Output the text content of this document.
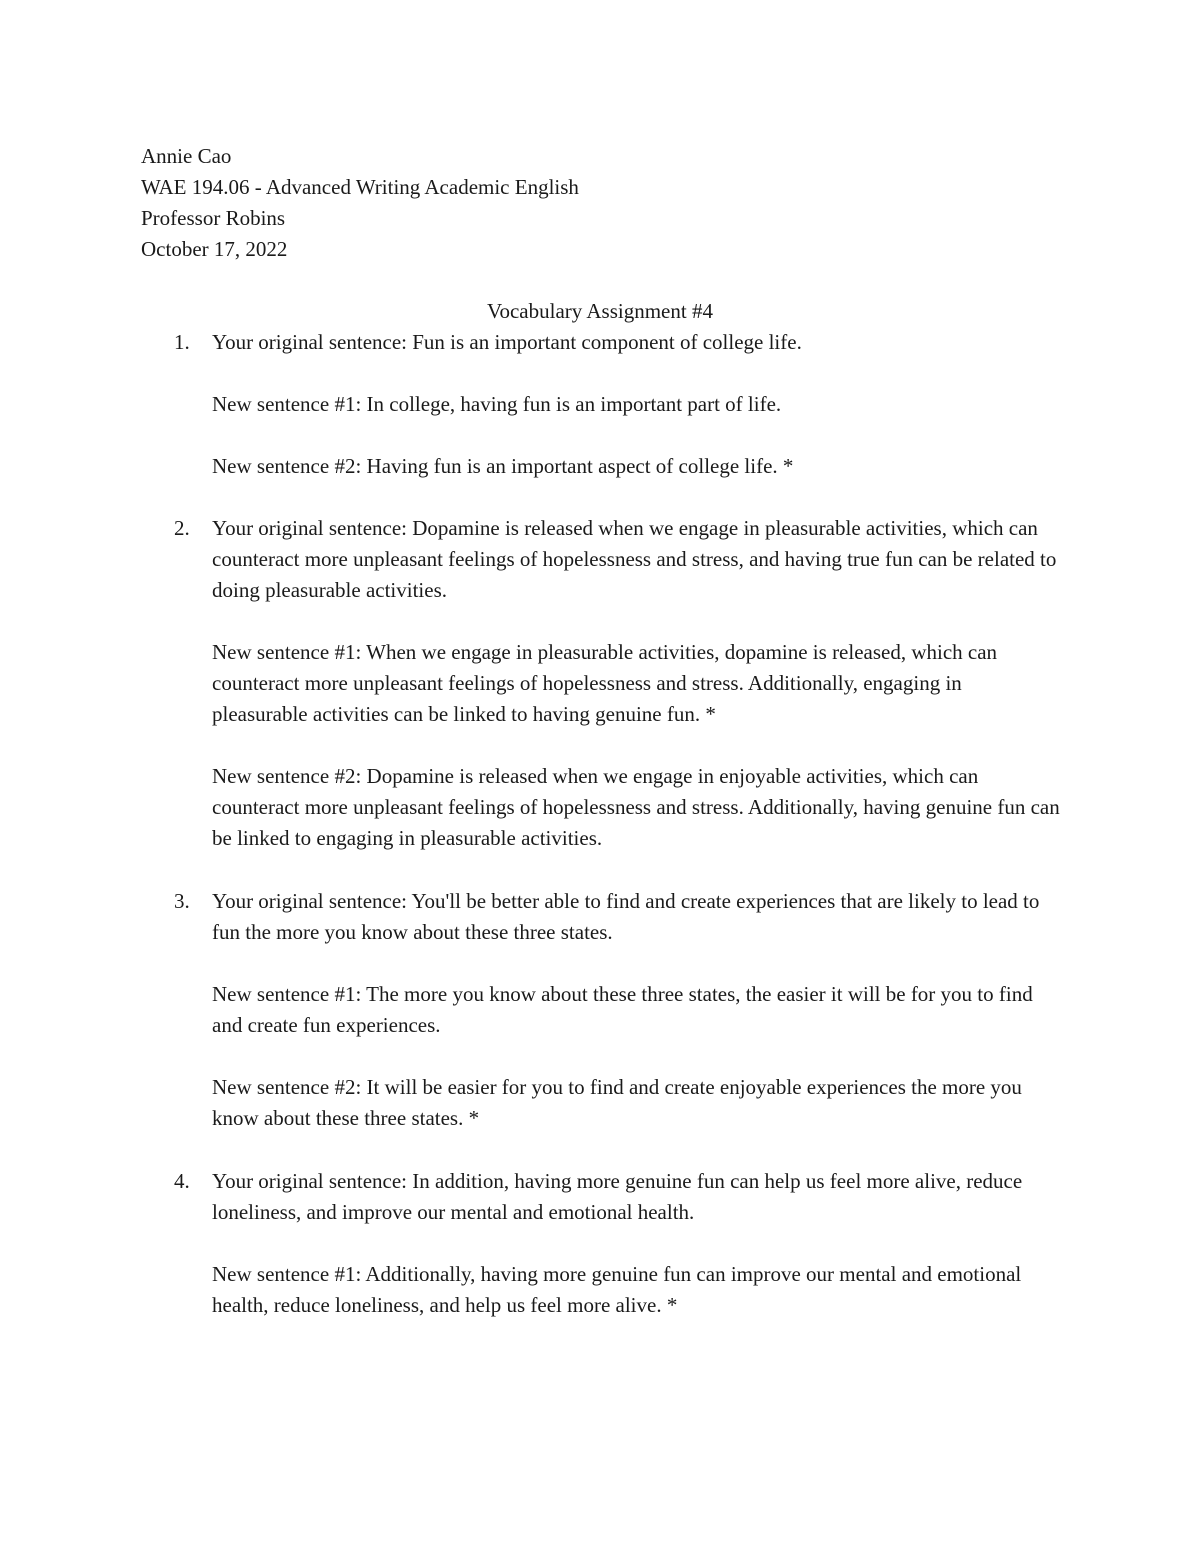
Annie Cao
WAE 194.06 - Advanced Writing Academic English
Professor Robins
October 17, 2022
Vocabulary Assignment #4
1. Your original sentence: Fun is an important component of college life.

New sentence #1: In college, having fun is an important part of life.

New sentence #2: Having fun is an important aspect of college life. *

2. Your original sentence: Dopamine is released when we engage in pleasurable activities, which can counteract more unpleasant feelings of hopelessness and stress, and having true fun can be related to doing pleasurable activities.

New sentence #1: When we engage in pleasurable activities, dopamine is released, which can counteract more unpleasant feelings of hopelessness and stress. Additionally, engaging in pleasurable activities can be linked to having genuine fun. *

New sentence #2: Dopamine is released when we engage in enjoyable activities, which can counteract more unpleasant feelings of hopelessness and stress. Additionally, having genuine fun can be linked to engaging in pleasurable activities.

3. Your original sentence: You'll be better able to find and create experiences that are likely to lead to fun the more you know about these three states.

New sentence #1: The more you know about these three states, the easier it will be for you to find and create fun experiences.

New sentence #2: It will be easier for you to find and create enjoyable experiences the more you know about these three states. *

4. Your original sentence: In addition, having more genuine fun can help us feel more alive, reduce loneliness, and improve our mental and emotional health.

New sentence #1: Additionally, having more genuine fun can improve our mental and emotional health, reduce loneliness, and help us feel more alive. *
